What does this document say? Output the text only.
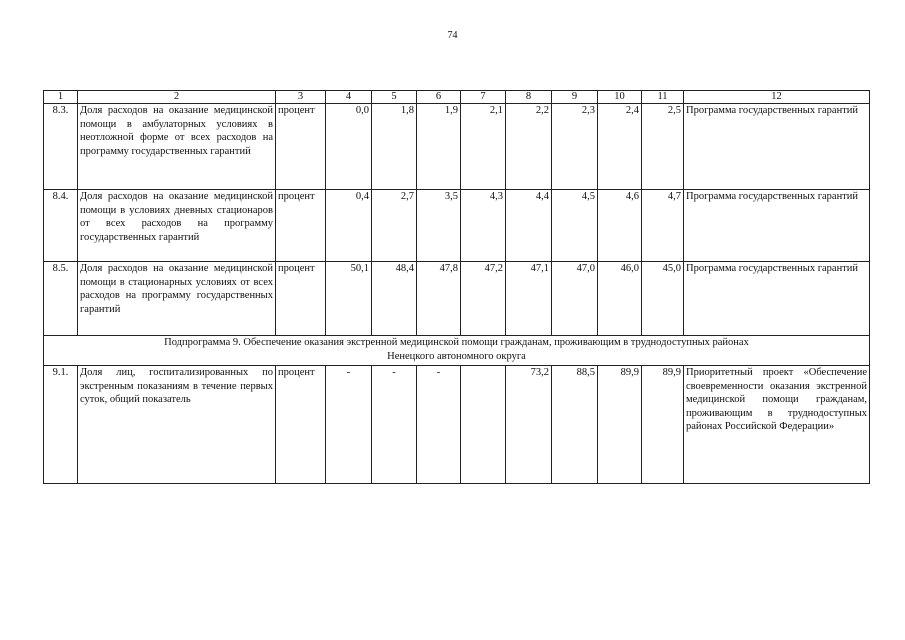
74
1	2	3	4	5	6	7	8	9	10	11	12
8.3.	Доля расходов на оказание медицинской помощи в амбулаторных условиях в неотложной форме от всех расходов на программу государственных гарантий	процент	0,0	1,8	1,9	2,1	2,2	2,3	2,4	2,5	Программа государственных гарантий
8.4.	Доля расходов на оказание медицинской помощи в условиях дневных стационаров от всех расходов на программу государственных гарантий	процент	0,4	2,7	3,5	4,3	4,4	4,5	4,6	4,7	Программа государственных гарантий
8.5.	Доля расходов на оказание медицинской помощи в стационарных условиях от всех расходов на программу государственных гарантий	процент	50,1	48,4	47,8	47,2	47,1	47,0	46,0	45,0	Программа государственных гарантий

Подпрограмма 9. Обеспечение оказания экстренной медицинской помощи гражданам, проживающим в труднодоступных районах
Ненецкого автономного округа											

9.1.	Доля лиц, госпитализированных по экстренным показаниям в течение первых суток, общий показатель	процент	-	-	-		73,2	88,5	89,9	89,9	Приоритетный проект «Обеспечение своевременности оказания экстренной медицинской помощи гражданам, проживающим в труднодоступных районах Российской Федерации»
